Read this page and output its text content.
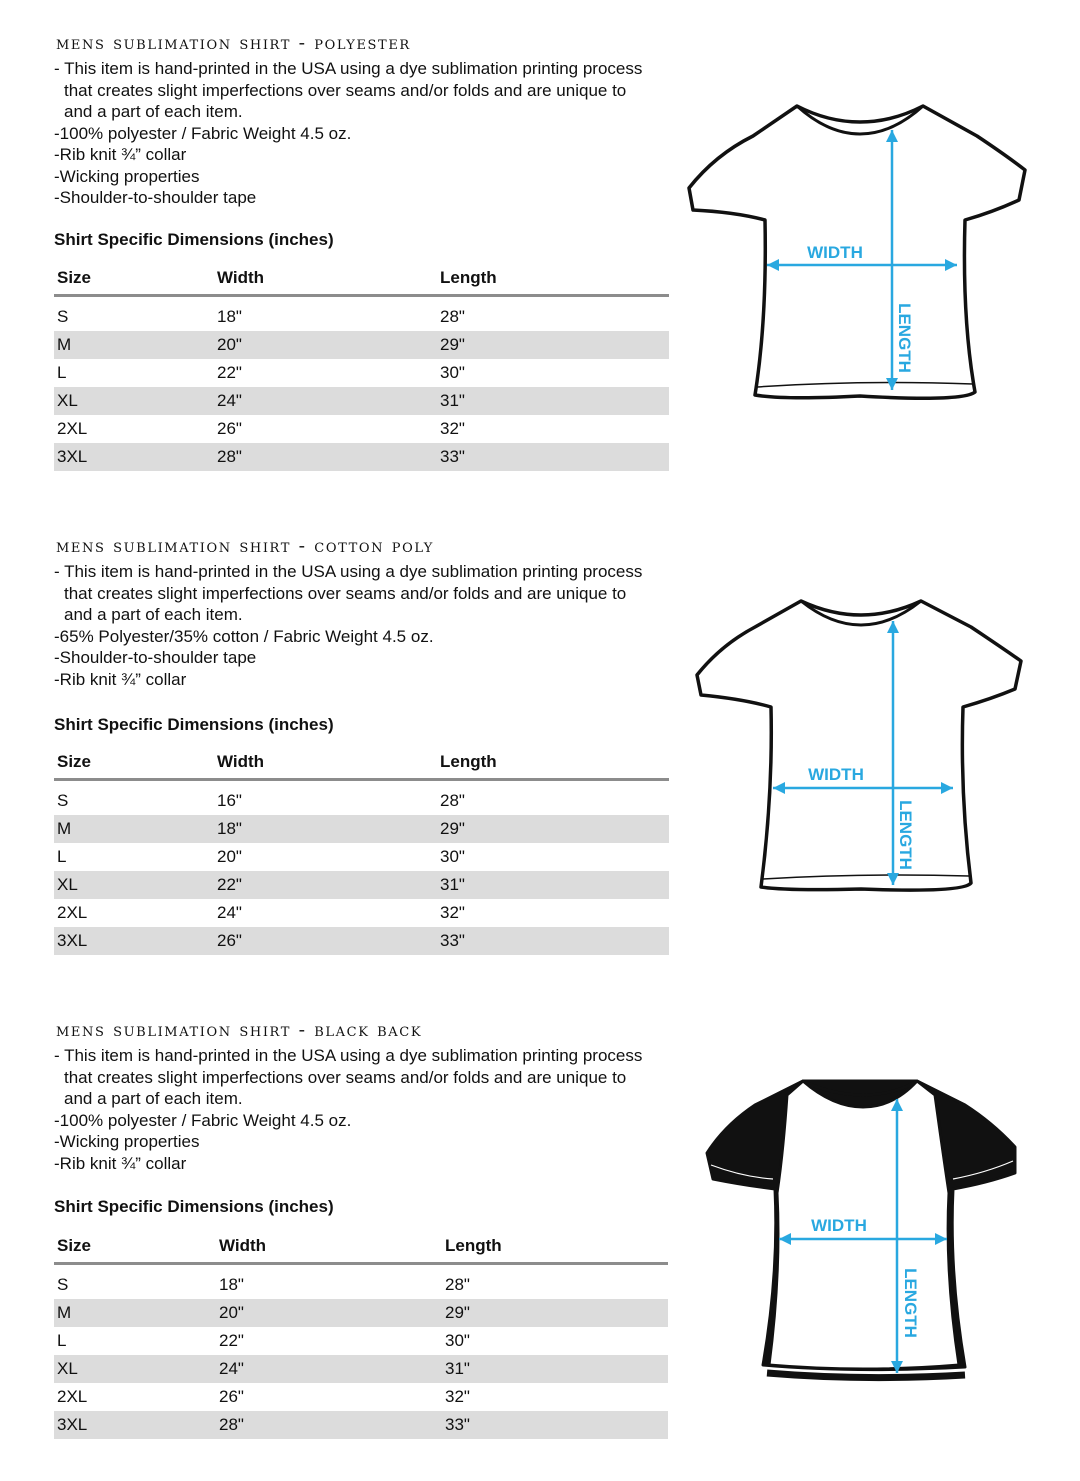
mens sublimation shirt - polyester

- This item is hand-printed in the USA using a dye sublimation printing process that creates slight imperfections over seams and/or folds and are unique to and a part of each item.

-100% polyester / Fabric Weight 4.5 oz.

-Rib knit ¾” collar

-Wicking properties

-Shoulder-to-shoulder tape

Shirt Specific Dimensions (inches)
Size	Width	Length

S	18"	28"
M	20"	29"
L	22"	30"
XL	24"	31"
2XL	26"	32"
3XL	28"	33"
WIDTH
LENGTH
mens sublimation shirt - cotton poly

- This item is hand-printed in the USA using a dye sublimation printing process that creates slight imperfections over seams and/or folds and are unique to and a part of each item.

-65% Polyester/35% cotton / Fabric Weight 4.5 oz.

-Shoulder-to-shoulder tape

-Rib knit ¾” collar

Shirt Specific Dimensions (inches)
Size	Width	Length

S	16"	28"
M	18"	29"
L	20"	30"
XL	22"	31"
2XL	24"	32"
3XL	26"	33"
WIDTH
LENGTH
mens sublimation shirt - black back

- This item is hand-printed in the USA using a dye sublimation printing process that creates slight imperfections over seams and/or folds and are unique to and a part of each item.

-100% polyester / Fabric Weight 4.5 oz.

-Wicking properties

-Rib knit ¾” collar

Shirt Specific Dimensions (inches)
Size	Width	Length

S	18"	28"
M	20"	29"
L	22"	30"
XL	24"	31"
2XL	26"	32"
3XL	28"	33"
WIDTH
LENGTH
